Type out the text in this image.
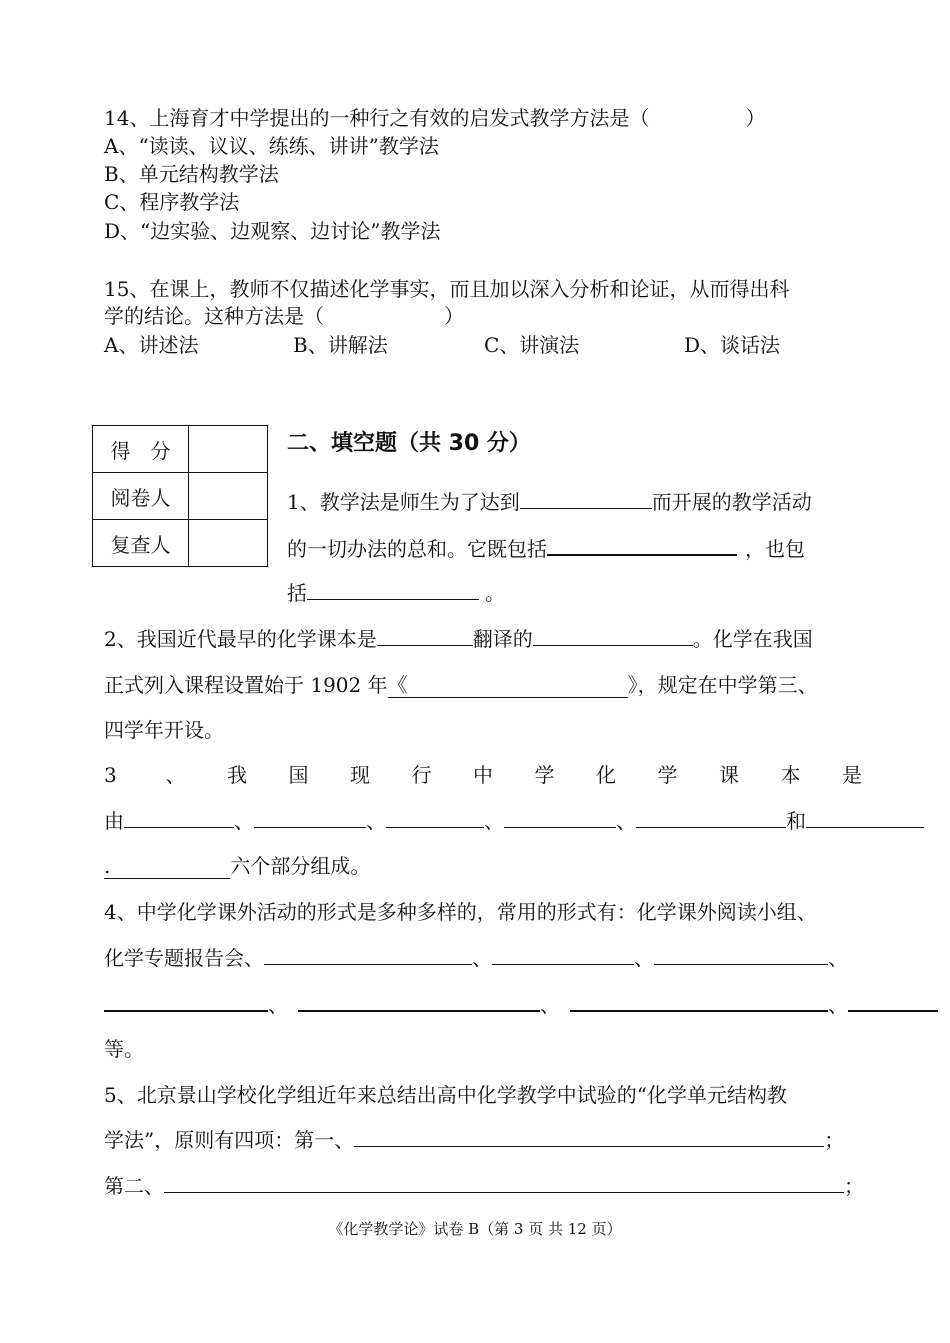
14、上海育才中学提出的一种行之有效的启发式教学方法是（	）
A、“读读、议议、练练、讲讲”教学法
B、单元结构教学法
C、程序教学法
D、“边实验、边观察、边讨论”教学法
15、在课上，教师不仅描述化学事实，而且加以深入分析和论证，从而得出科
学的结论。这种方法是（	）
A、讲述法	B、讲解法	C、讲演法	D、谈话法
得　分	
阅卷人	
复查人	
二、填空题（共 30 分）
1、教学法是师生为了达到	而开展的教学活动
的一切办法的总和。它既包括	，也包
括	。
2、我国近代最早的化学课本是	翻译的	。化学在我国
正式列入课程设置始于 1902 年《	》，规定在中学第三、
四学年开设。
3 、 我 国 现 行 中 学 化 学 课 本 是
由	、	、	、	、	和
.	六个部分组成。
4、中学化学课外活动的形式是多种多样的，常用的形式有：化学课外阅读小组、
化学专题报告会、	、	、	、
、	、	、
等。
5、北京景山学校化学组近年来总结出高中化学教学中试验的“化学单元结构教
学法”，原则有四项：第一、	；
第二、	；
《化学教学论》试卷 B（第 3 页 共 12 页）
